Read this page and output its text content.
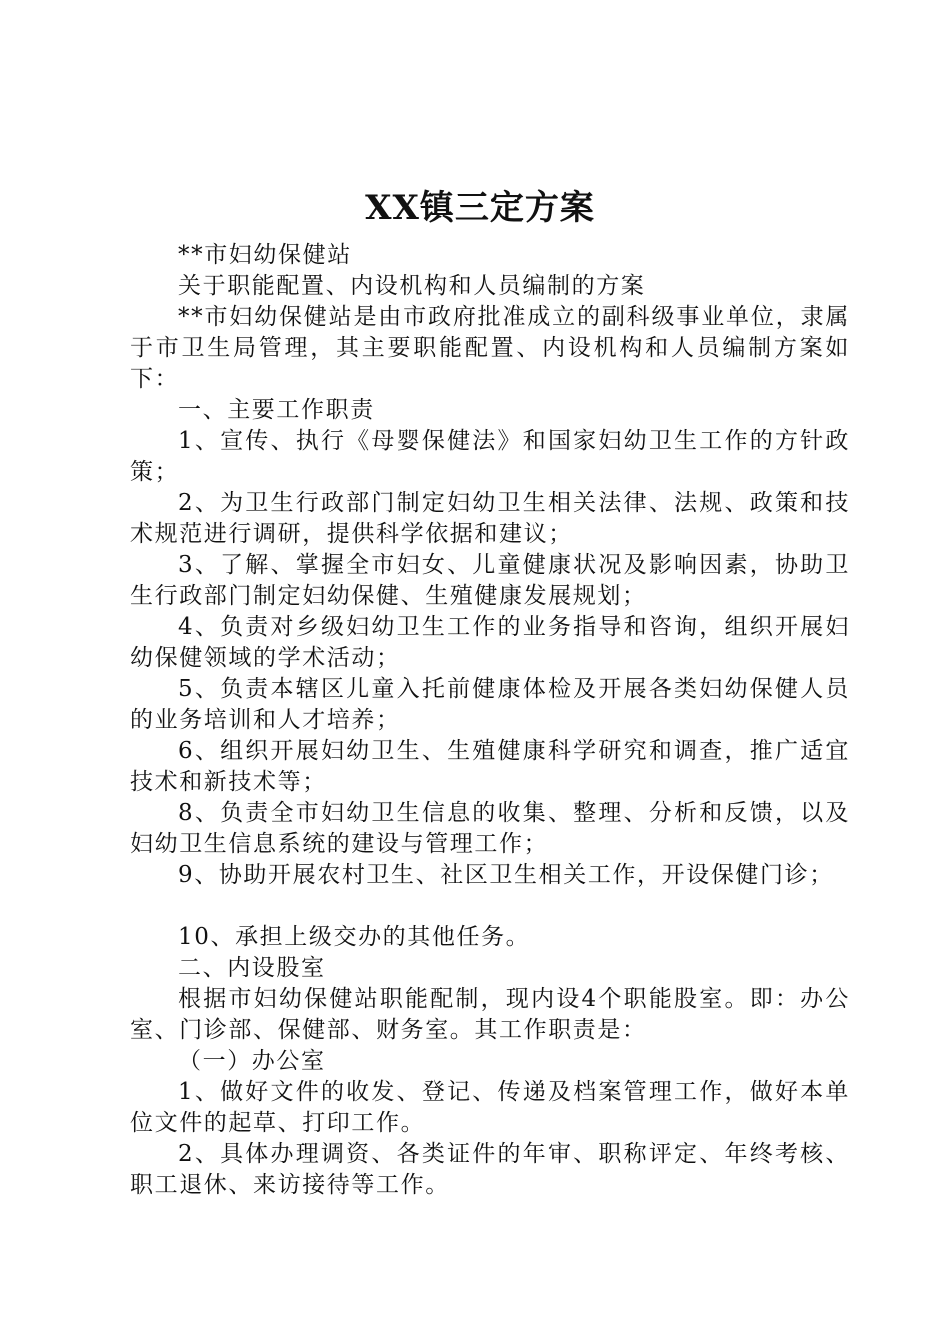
XX镇三定方案

**市妇幼保健站

关于职能配置、内设机构和人员编制的方案

**市妇幼保健站是由市政府批准成立的副科级事业单位，隶属于市卫生局管理，其主要职能配置、内设机构和人员编制方案如下：

一、主要工作职责

1、宣传、执行《母婴保健法》和国家妇幼卫生工作的方针政策；

2、为卫生行政部门制定妇幼卫生相关法律、法规、政策和技术规范进行调研，提供科学依据和建议；

3、了解、掌握全市妇女、儿童健康状况及影响因素，协助卫生行政部门制定妇幼保健、生殖健康发展规划；

4、负责对乡级妇幼卫生工作的业务指导和咨询，组织开展妇幼保健领域的学术活动；

5、负责本辖区儿童入托前健康体检及开展各类妇幼保健人员的业务培训和人才培养；

6、组织开展妇幼卫生、生殖健康科学研究和调查，推广适宜技术和新技术等；

8、负责全市妇幼卫生信息的收集、整理、分析和反馈，以及妇幼卫生信息系统的建设与管理工作；

9、协助开展农村卫生、社区卫生相关工作，开设保健门诊；

10、承担上级交办的其他任务。

二、内设股室

根据市妇幼保健站职能配制，现内设4个职能股室。即：办公室、门诊部、保健部、财务室。其工作职责是：

（一）办公室

1、做好文件的收发、登记、传递及档案管理工作，做好本单位文件的起草、打印工作。

2、具体办理调资、各类证件的年审、职称评定、年终考核、职工退休、来访接待等工作。
